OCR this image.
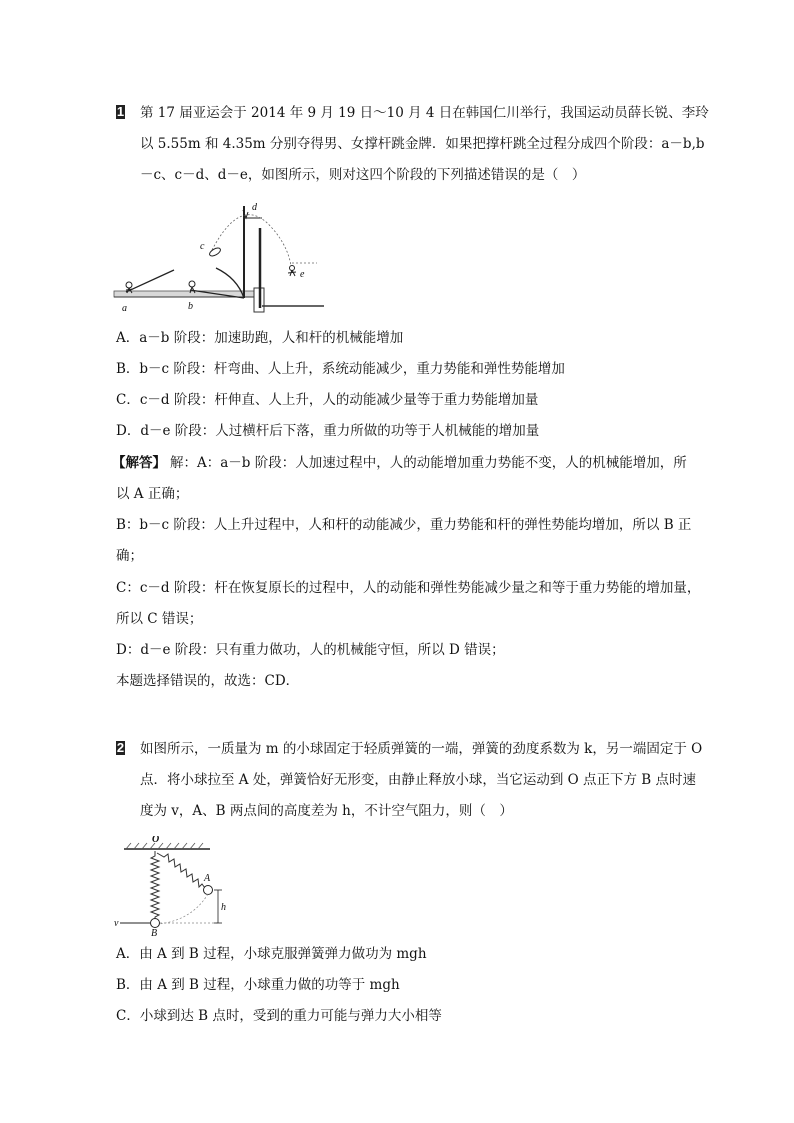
1 第 17 届亚运会于 2014 年 9 月 19 日～10 月 4 日在韩国仁川举行，我国运动员薛长锐、李玲
以 5.55m 和 4.35m 分别夺得男、女撑杆跳金牌．如果把撑杆跳全过程分成四个阶段：a－b,b
－c、c－d、d－e，如图所示，则对这四个阶段的下列描述错误的是（　）
a	b
c
d
e
A．a－b 阶段：加速助跑，人和杆的机械能增加
B．b－c 阶段：杆弯曲、人上升，系统动能减少，重力势能和弹性势能增加
C．c－d 阶段：杆伸直、人上升，人的动能减少量等于重力势能增加量
D．d－e 阶段：人过横杆后下落，重力所做的功等于人机械能的增加量
【解答】 解：A：a－b 阶段：人加速过程中，人的动能增加重力势能不变，人的机械能增加，所
以 A 正确；
B：b－c 阶段：人上升过程中，人和杆的动能减少，重力势能和杆的弹性势能均增加，所以 B 正
确；
C：c－d 阶段：杆在恢复原长的过程中，人的动能和弹性势能减少量之和等于重力势能的增加量，
所以 C 错误；
D：d－e 阶段：只有重力做功，人的机械能守恒，所以 D 错误；
本题选择错误的，故选：CD．
2 如图所示，一质量为 m 的小球固定于轻质弹簧的一端，弹簧的劲度系数为 k，另一端固定于 O
点．将小球拉至 A 处，弹簧恰好无形变，由静止释放小球，当它运动到 O 点正下方 B 点时速
度为 v，A、B 两点间的高度差为 h，不计空气阻力，则（　）
O
A
h
B
v
A．由 A 到 B 过程，小球克服弹簧弹力做功为 mgh
B．由 A 到 B 过程，小球重力做的功等于 mgh
C．小球到达 B 点时，受到的重力可能与弹力大小相等
